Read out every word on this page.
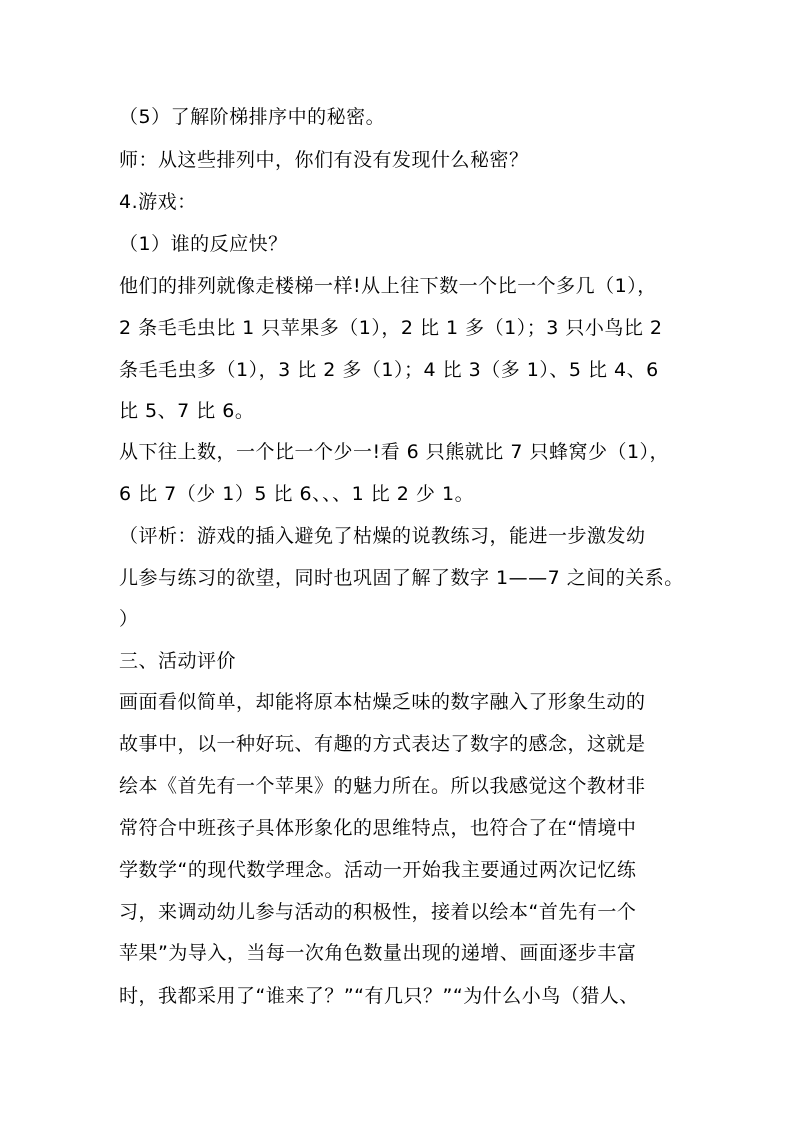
（5）了解阶梯排序中的秘密。
师：从这些排列中，你们有没有发现什么秘密？
4.游戏：
（1）谁的反应快？
他们的排列就像走楼梯一样!从上往下数一个比一个多几（1），
2 条毛毛虫比 1 只苹果多（1），2 比 1 多（1）；3 只小鸟比 2
条毛毛虫多（1），3 比 2 多（1）；4 比 3（多 1）、5 比 4、6
比 5、7 比 6。
从下往上数，一个比一个少一!看 6 只熊就比 7 只蜂窝少（1），
6 比 7（少 1）5 比 6、、、1 比 2 少 1。
（评析：游戏的插入避免了枯燥的说教练习，能进一步激发幼
儿参与练习的欲望，同时也巩固了解了数字 1——7 之间的关系。
）
三、活动评价
画面看似简单，却能将原本枯燥乏味的数字融入了形象生动的
故事中，以一种好玩、有趣的方式表达了数字的感念，这就是
绘本《首先有一个苹果》的魅力所在。所以我感觉这个教材非
常符合中班孩子具体形象化的思维特点，也符合了在“情境中
学数学“的现代数学理念。活动一开始我主要通过两次记忆练
习，来调动幼儿参与活动的积极性，接着以绘本“首先有一个
苹果”为导入，当每一次角色数量出现的递增、画面逐步丰富
时，我都采用了“谁来了？”“有几只？”“为什么小鸟（猎人、
